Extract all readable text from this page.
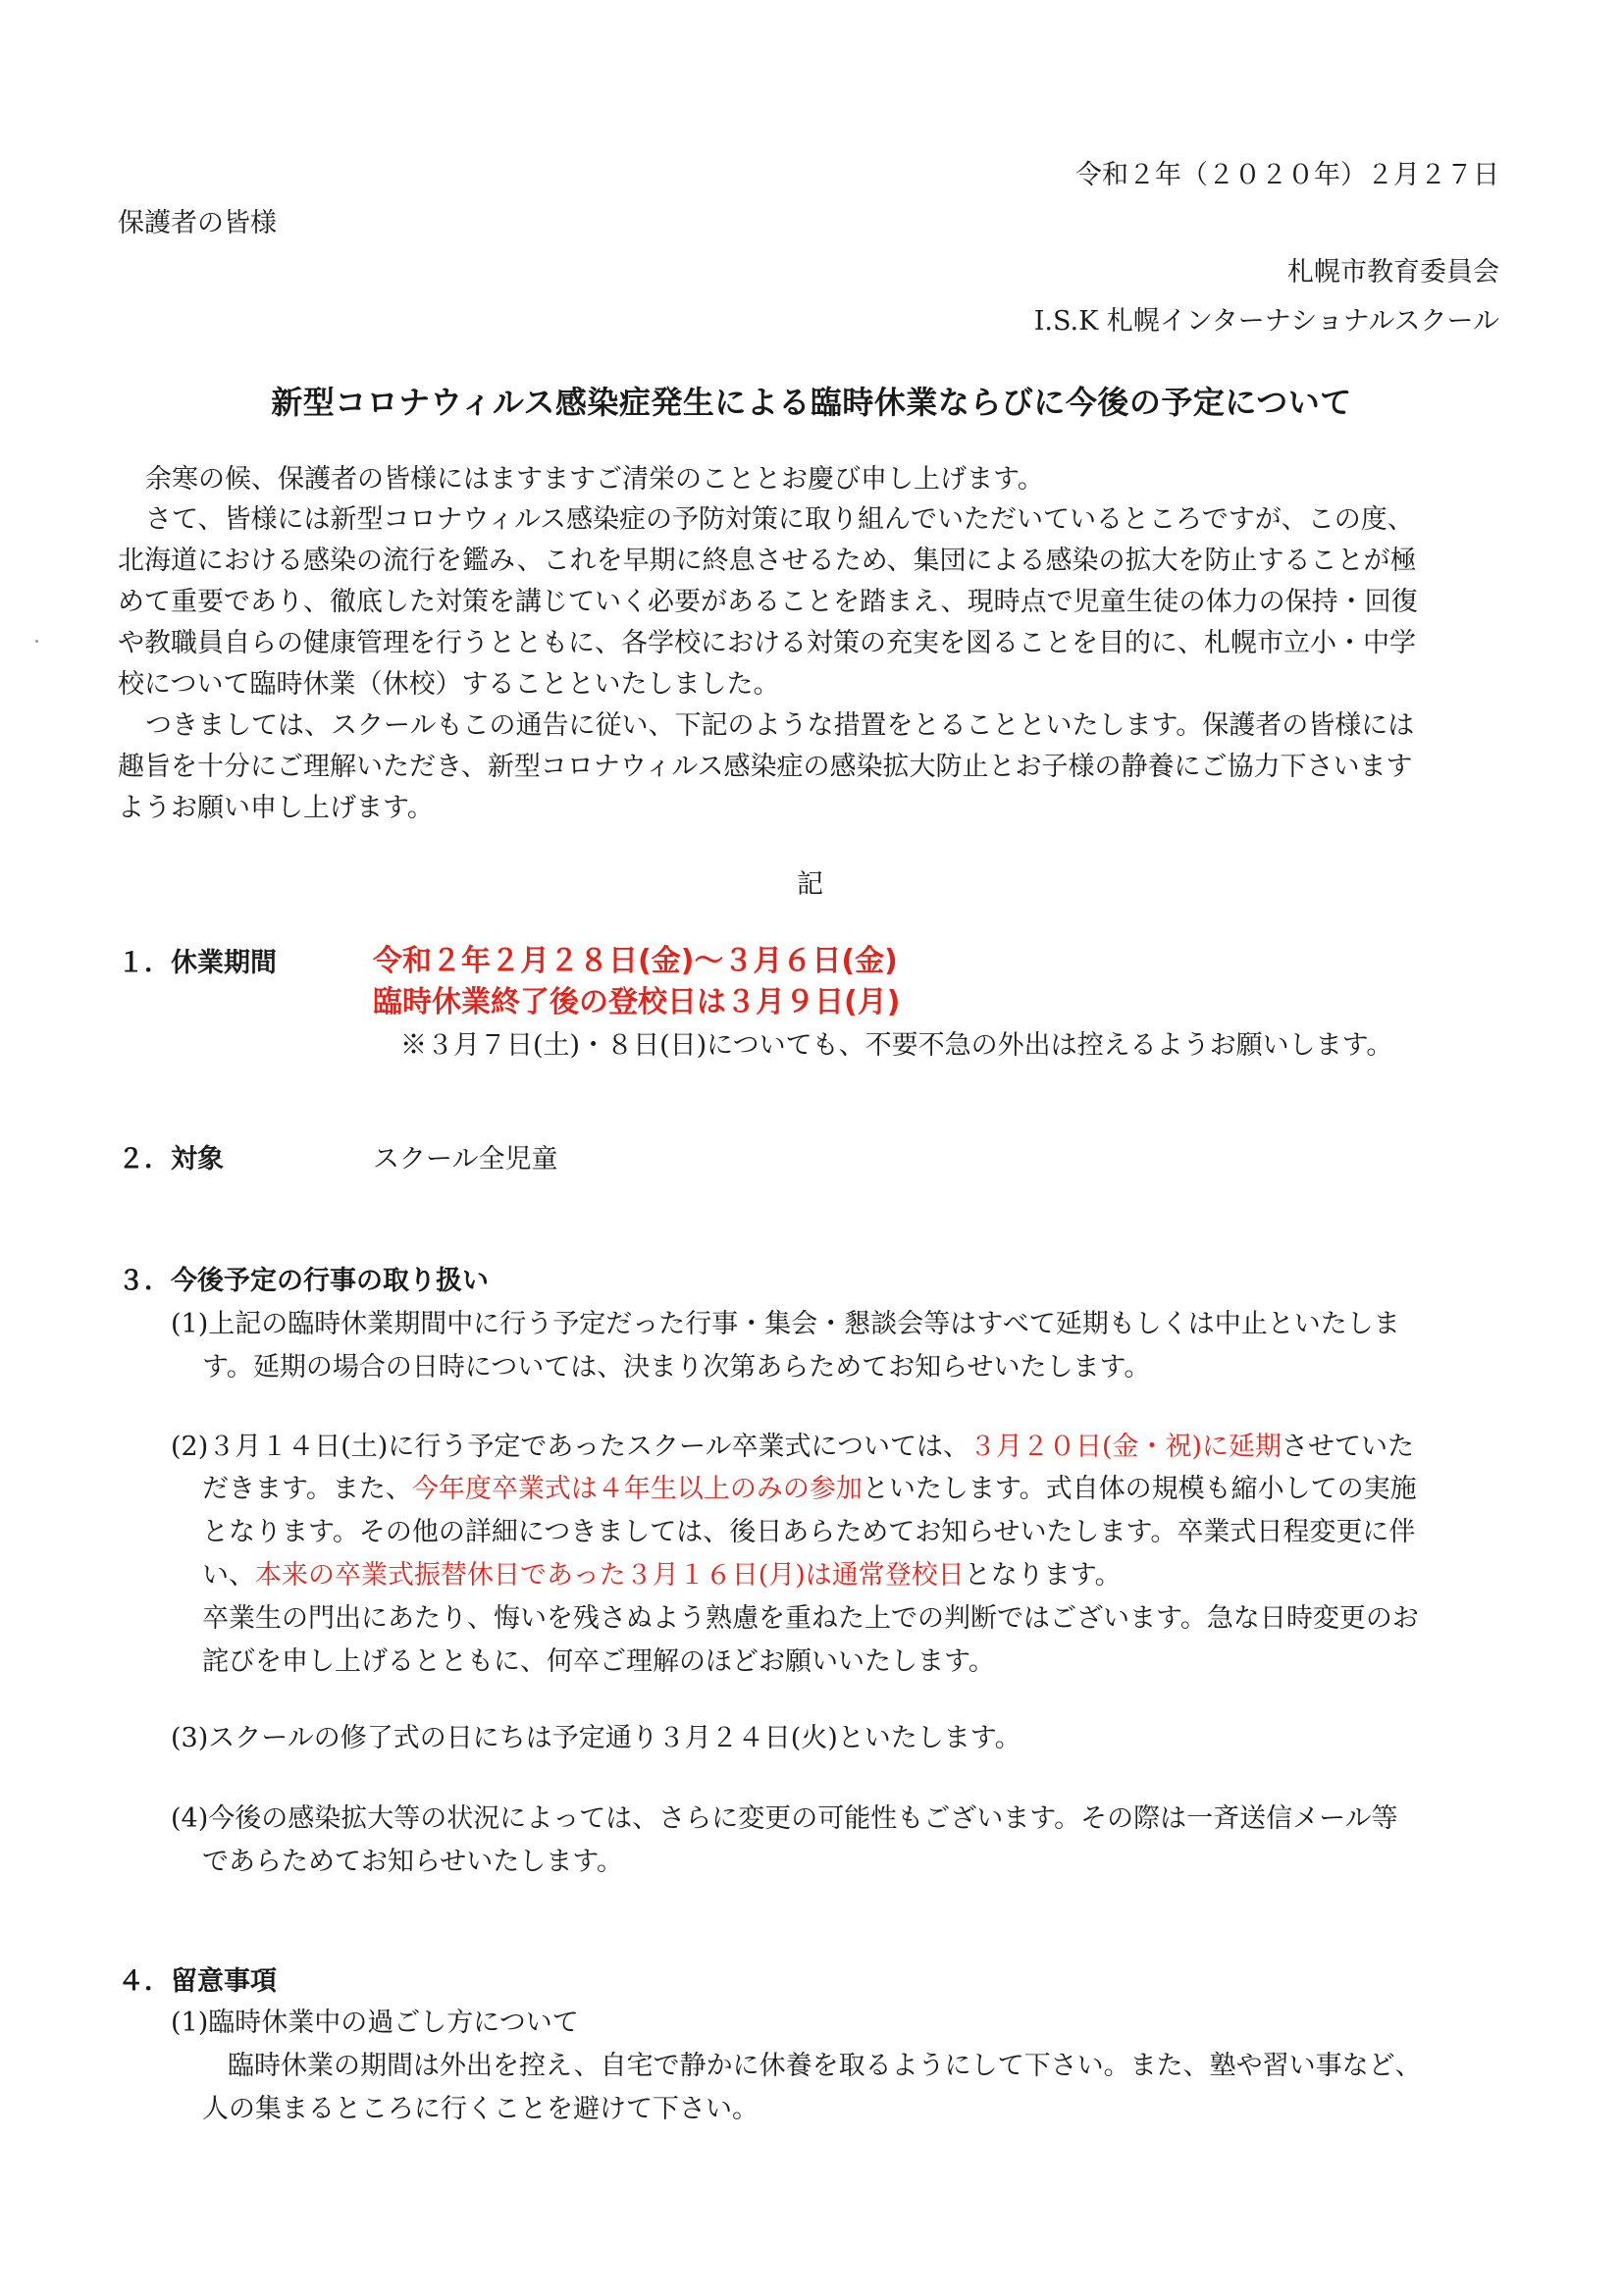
令和２年（２０２０年）２月２７日
保護者の皆様
札幌市教育委員会
I.S.K 札幌インターナショナルスクール
新型コロナウィルス感染症発生による臨時休業ならびに今後の予定について
余寒の候、保護者の皆様にはますますご清栄のこととお慶び申し上げます。
さて、皆様には新型コロナウィルス感染症の予防対策に取り組んでいただいているところですが、この度、
北海道における感染の流行を鑑み、これを早期に終息させるため、集団による感染の拡大を防止することが極
めて重要であり、徹底した対策を講じていく必要があることを踏まえ、現時点で児童生徒の体力の保持・回復
や教職員自らの健康管理を行うとともに、各学校における対策の充実を図ることを目的に、札幌市立小・中学
校について臨時休業（休校）することといたしました。
つきましては、スクールもこの通告に従い、下記のような措置をとることといたします。保護者の皆様には
趣旨を十分にご理解いただき、新型コロナウィルス感染症の感染拡大防止とお子様の静養にご協力下さいます
ようお願い申し上げます。
記
１．休業期間	令和２年２月２８日(金)～３月６日(金)
臨時休業終了後の登校日は３月９日(月)
※３月７日(土)・８日(日)についても、不要不急の外出は控えるようお願いします。
２．対象	スクール全児童
３．今後予定の行事の取り扱い
(1)上記の臨時休業期間中に行う予定だった行事・集会・懇談会等はすべて延期もしくは中止といたしま
す。延期の場合の日時については、決まり次第あらためてお知らせいたします。
(2)３月１４日(土)に行う予定であったスクール卒業式については、３月２０日(金・祝)に延期させていた
だきます。また、今年度卒業式は４年生以上のみの参加といたします。式自体の規模も縮小しての実施
となります。その他の詳細につきましては、後日あらためてお知らせいたします。卒業式日程変更に伴
い、本来の卒業式振替休日であった３月１６日(月)は通常登校日となります。
卒業生の門出にあたり、悔いを残さぬよう熟慮を重ねた上での判断ではございます。急な日時変更のお
詫びを申し上げるとともに、何卒ご理解のほどお願いいたします。
(3)スクールの修了式の日にちは予定通り３月２４日(火)といたします。
(4)今後の感染拡大等の状況によっては、さらに変更の可能性もございます。その際は一斉送信メール等
であらためてお知らせいたします。
４．留意事項
(1)臨時休業中の過ごし方について
臨時休業の期間は外出を控え、自宅で静かに休養を取るようにして下さい。また、塾や習い事など、
人の集まるところに行くことを避けて下さい。
